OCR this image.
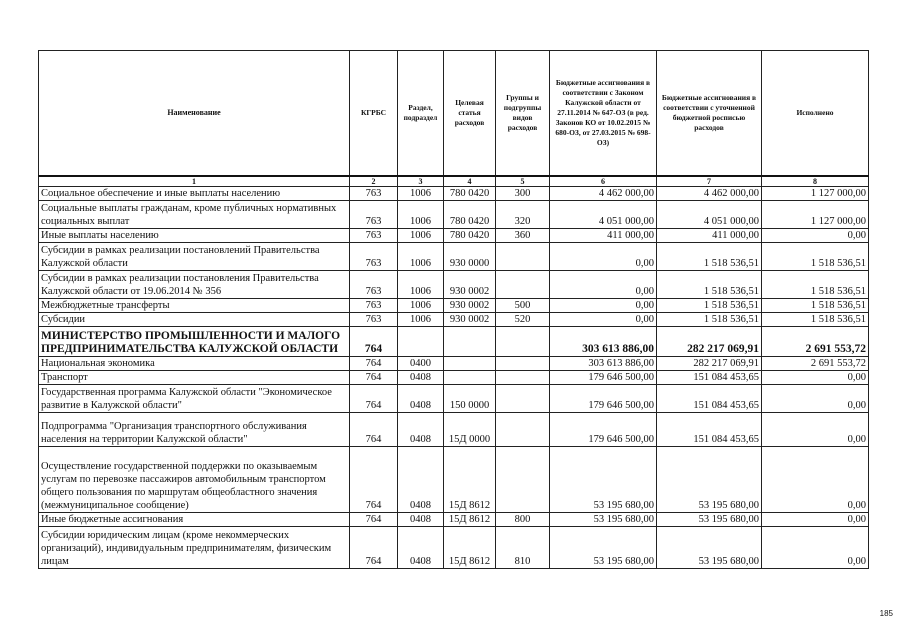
Наименование	КГРБС	Раздел, подраздел	Целевая статья расходов	Группы и подгруппы видов расходов	Бюджетные ассигнования в соответствии с Законом Калужской области от 27.11.2014 № 647-ОЗ (в ред. Законов КО от 10.02.2015 № 680-ОЗ, от 27.03.2015 № 698-ОЗ)	Бюджетные ассигнования в соответствии с уточненной бюджетной росписью расходов	Исполнено
1	2	3	4	5	6	7	8
Социальное обеспечение и иные выплаты населению	763	1006	780 0420	300	4 462 000,00	4 462 000,00	1 127 000,00
Социальные выплаты гражданам, кроме публичных нормативных социальных выплат	763	1006	780 0420	320	4 051 000,00	4 051 000,00	1 127 000,00
Иные выплаты населению	763	1006	780 0420	360	411 000,00	411 000,00	0,00
Субсидии в рамках реализации постановлений Правительства Калужской области	763	1006	930 0000		0,00	1 518 536,51	1 518 536,51
Субсидии в рамках реализации постановления Правительства Калужской области от 19.06.2014 № 356	763	1006	930 0002		0,00	1 518 536,51	1 518 536,51
Межбюджетные трансферты	763	1006	930 0002	500	0,00	1 518 536,51	1 518 536,51
Субсидии	763	1006	930 0002	520	0,00	1 518 536,51	1 518 536,51
МИНИСТЕРСТВО ПРОМЫШЛЕННОСТИ И МАЛОГО ПРЕДПРИНИМАТЕЛЬСТВА КАЛУЖСКОЙ ОБЛАСТИ	764				303 613 886,00	282 217 069,91	2 691 553,72
Национальная экономика	764	0400			303 613 886,00	282 217 069,91	2 691 553,72
Транспорт	764	0408			179 646 500,00	151 084 453,65	0,00
Государственная программа Калужской области "Экономическое развитие в Калужской области"	764	0408	150 0000		179 646 500,00	151 084 453,65	0,00
Подпрограмма "Организация транспортного обслуживания населения на территории Калужской области"	764	0408	15Д 0000		179 646 500,00	151 084 453,65	0,00
Осуществление государственной поддержки по оказываемым услугам по перевозке пассажиров автомобильным транспортом общего пользования по маршрутам общеобластного значения (межмуниципальное сообщение)	764	0408	15Д 8612		53 195 680,00	53 195 680,00	0,00
Иные бюджетные ассигнования	764	0408	15Д 8612	800	53 195 680,00	53 195 680,00	0,00
Субсидии юридическим лицам (кроме некоммерческих организаций), индивидуальным предпринимателям, физическим лицам	764	0408	15Д 8612	810	53 195 680,00	53 195 680,00	0,00
185
